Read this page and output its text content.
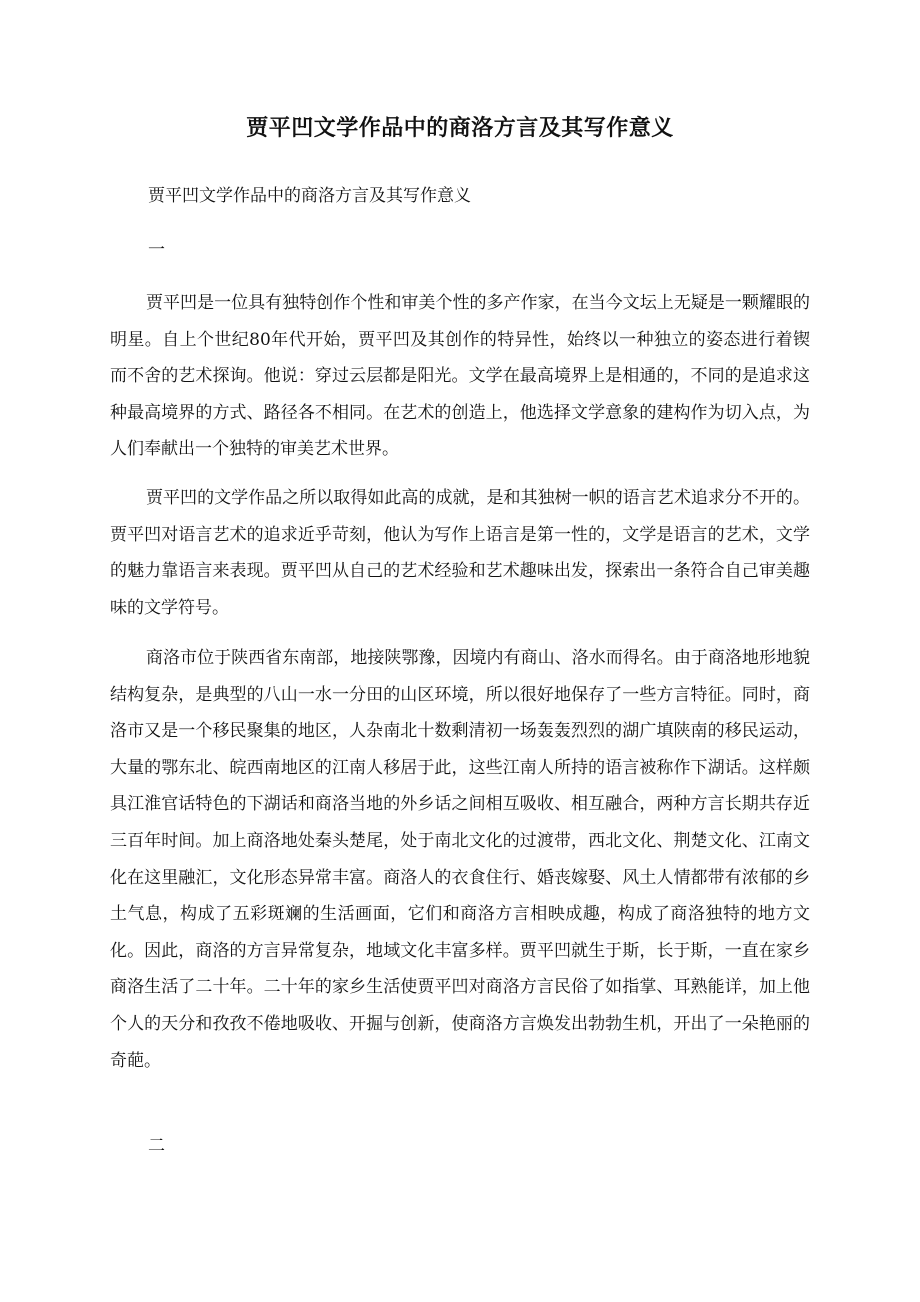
贾平凹文学作品中的商洛方言及其写作意义

贾平凹文学作品中的商洛方言及其写作意义

一

贾平凹是一位具有独特创作个性和审美个性的多产作家，在当今文坛上无疑是一颗耀眼的明星。自上个世纪80年代开始，贾平凹及其创作的特异性，始终以一种独立的姿态进行着锲而不舍的艺术探询。他说：穿过云层都是阳光。文学在最高境界上是相通的，不同的是追求这种最高境界的方式、路径各不相同。在艺术的创造上，他选择文学意象的建构作为切入点，为人们奉献出一个独特的审美艺术世界。

贾平凹的文学作品之所以取得如此高的成就，是和其独树一帜的语言艺术追求分不开的。贾平凹对语言艺术的追求近乎苛刻，他认为写作上语言是第一性的，文学是语言的艺术，文学的魅力靠语言来表现。贾平凹从自己的艺术经验和艺术趣味出发，探索出一条符合自己审美趣味的文学符号。

商洛市位于陕西省东南部，地接陕鄂豫，因境内有商山、洛水而得名。由于商洛地形地貌结构复杂，是典型的八山一水一分田的山区环境，所以很好地保存了一些方言特征。同时，商洛市又是一个移民聚集的地区，人杂南北十数剩清初一场轰轰烈烈的湖广填陕南的移民运动，大量的鄂东北、皖西南地区的江南人移居于此，这些江南人所持的语言被称作下湖话。这样颇具江淮官话特色的下湖话和商洛当地的外乡话之间相互吸收、相互融合，两种方言长期共存近三百年时间。加上商洛地处秦头楚尾，处于南北文化的过渡带，西北文化、荆楚文化、江南文化在这里融汇，文化形态异常丰富。商洛人的衣食住行、婚丧嫁娶、风土人情都带有浓郁的乡土气息，构成了五彩斑斓的生活画面，它们和商洛方言相映成趣，构成了商洛独特的地方文化。因此，商洛的方言异常复杂，地域文化丰富多样。贾平凹就生于斯，长于斯，一直在家乡商洛生活了二十年。二十年的家乡生活使贾平凹对商洛方言民俗了如指掌、耳熟能详，加上他个人的天分和孜孜不倦地吸收、开掘与创新，使商洛方言焕发出勃勃生机，开出了一朵艳丽的奇葩。

二
